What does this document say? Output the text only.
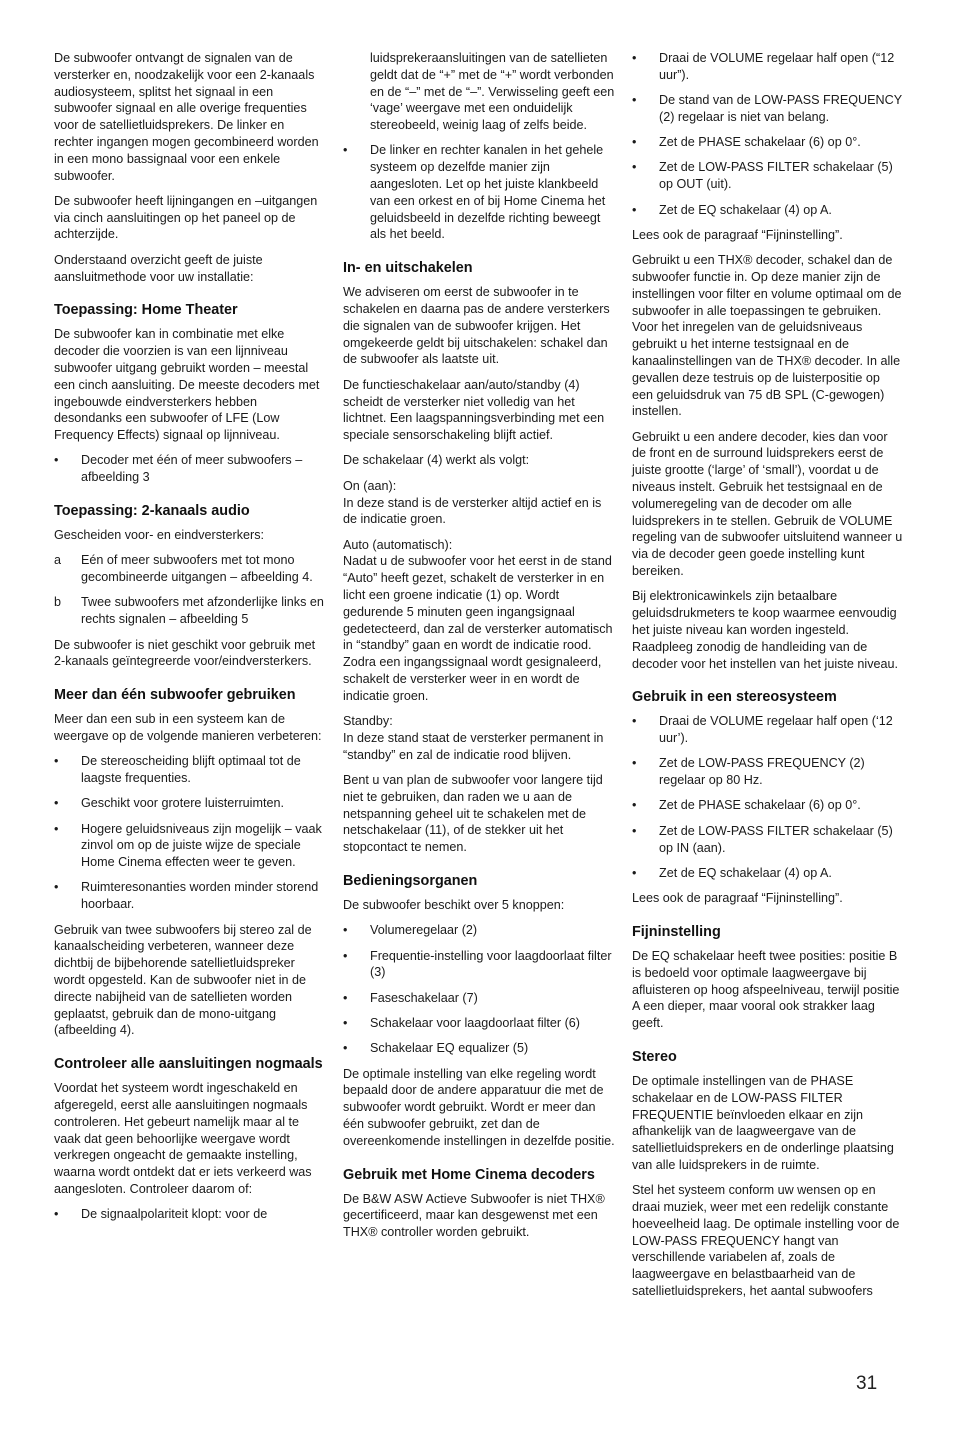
De subwoofer ontvangt de signalen van de versterker en, noodzakelijk voor een 2-kanaals audiosysteem, splitst het signaal in een subwoofer signaal en alle overige frequenties voor de satellietluidsprekers. De linker en rechter ingangen mogen gecombineerd worden in een mono bassignaal voor een enkele subwoofer.

De subwoofer heeft lijningangen en –uitgangen via cinch aansluitingen op het paneel op de achterzijde.

Onderstaand overzicht geeft de juiste aansluitmethode voor uw installatie:

Toepassing: Home Theater

De subwoofer kan in combinatie met elke decoder die voorzien is van een lijnniveau subwoofer uitgang gebruikt worden – meestal een cinch aansluiting. De meeste decoders met ingebouwde eindversterkers hebben desondanks een subwoofer of LFE (Low Frequency Effects) signaal op lijnniveau.

• Decoder met één of meer subwoofers – afbeelding 3
Toepassing: 2-kanaals audio

Gescheiden voor- en eindversterkers:

a Eén of meer subwoofers met tot mono gecombineerde uitgangen – afbeelding 4.
b Twee subwoofers met afzonderlijke links en rechts signalen – afbeelding 5

De subwoofer is niet geschikt voor gebruik met 2-kanaals geïntegreerde voor/eindversterkers.

Meer dan één subwoofer gebruiken

Meer dan een sub in een systeem kan de weergave op de volgende manieren verbeteren:

• De stereoscheiding blijft optimaal tot de laagste frequenties.
• Geschikt voor grotere luisterruimten.
• Hogere geluidsniveaus zijn mogelijk – vaak zinvol om op de juiste wijze de speciale Home Cinema effecten weer te geven.
• Ruimteresonanties worden minder storend hoorbaar.

Gebruik van twee subwoofers bij stereo zal de kanaalscheiding verbeteren, wanneer deze dichtbij de bijbehorende satellietluidspreker wordt opgesteld. Kan de subwoofer niet in de directe nabijheid van de satellieten worden geplaatst, gebruik dan de mono-uitgang (afbeelding 4).

Controleer alle aansluitingen nogmaals

Voordat het systeem wordt ingeschakeld en afgeregeld, eerst alle aansluitingen nogmaals controleren. Het gebeurt namelijk maar al te vaak dat geen behoorlijke weergave wordt verkregen ongeacht de gemaakte instelling, waarna wordt ontdekt dat er iets verkeerd was aangesloten. Controleer daarom of:

• De signaalpolariteit klopt: voor de

luidsprekeraansluitingen van de satellieten geldt dat de “+” met de “+” wordt verbonden en de “–” met de “–”. Verwisseling geeft een ‘vage’ weergave met een onduidelijk stereobeeld, weinig laag of zelfs beide.

• De linker en rechter kanalen in het gehele systeem op dezelfde manier zijn aangesloten. Let op het juiste klankbeeld van een orkest en of bij Home Cinema het geluidsbeeld in dezelfde richting beweegt als het beeld.
In- en uitschakelen

We adviseren om eerst de subwoofer in te schakelen en daarna pas de andere versterkers die signalen van de subwoofer krijgen. Het omgekeerde geldt bij uitschakelen: schakel dan de subwoofer als laatste uit.

De functieschakelaar aan/auto/standby (4) scheidt de versterker niet volledig van het lichtnet. Een laagspanningsverbinding met een speciale sensorschakeling blijft actief.

De schakelaar (4) werkt als volgt:

On (aan):
In deze stand is de versterker altijd actief en is de indicatie groen.

Auto (automatisch):
Nadat u de subwoofer voor het eerst in de stand “Auto” heeft gezet, schakelt de versterker in en licht een groene indicatie (1) op. Wordt gedurende 5 minuten geen ingangsignaal gedetecteerd, dan zal de versterker automatisch in “standby” gaan en wordt de indicatie rood. Zodra een ingangssignaal wordt gesignaleerd, schakelt de versterker weer in en wordt de indicatie groen.

Standby:
In deze stand staat de versterker permanent in “standby” en zal de indicatie rood blijven.

Bent u van plan de subwoofer voor langere tijd niet te gebruiken, dan raden we u aan de netspanning geheel uit te schakelen met de netschakelaar (11), of de stekker uit het stopcontact te nemen.

Bedieningsorganen

De subwoofer beschikt over 5 knoppen:

• Volumeregelaar (2)
• Frequentie-instelling voor laagdoorlaat filter (3)
• Faseschakelaar (7)
• Schakelaar voor laagdoorlaat filter (6)
• Schakelaar EQ equalizer (5)

De optimale instelling van elke regeling wordt bepaald door de andere apparatuur die met de subwoofer wordt gebruikt. Wordt er meer dan één subwoofer gebruikt, zet dan de overeenkomende instellingen in dezelfde positie.

Gebruik met Home Cinema decoders

De B&W ASW Actieve Subwoofer is niet THX® gecertificeerd, maar kan desgewenst met een THX® controller worden gebruikt.

• Draai de VOLUME regelaar half open (“12 uur”).
• De stand van de LOW-PASS FREQUENCY (2) regelaar is niet van belang.
• Zet de PHASE schakelaar (6) op 0°.
• Zet de LOW-PASS FILTER schakelaar (5) op OUT (uit).
• Zet de EQ schakelaar (4) op A.

Lees ook de paragraaf “Fijninstelling”.

Gebruikt u een THX® decoder, schakel dan de subwoofer functie in. Op deze manier zijn de instellingen voor filter en volume optimaal om de subwoofer in alle toepassingen te gebruiken. Voor het inregelen van de geluidsniveaus gebruikt u het interne testsignaal en de kanaalinstellingen van de THX® decoder. In alle gevallen deze testruis op de luisterpositie op een geluidsdruk van 75 dB SPL (C-gewogen) instellen.

Gebruikt u een andere decoder, kies dan voor de front en de surround luidsprekers eerst de juiste grootte (‘large’ of ‘small’), voordat u de niveaus instelt. Gebruik het testsignaal en de volumeregeling van de decoder om alle luidsprekers in te stellen. Gebruik de VOLUME regeling van de subwoofer uitsluitend wanneer u via de decoder geen goede instelling kunt bereiken.

Bij elektronicawinkels zijn betaalbare geluidsdrukmeters te koop waarmee eenvoudig het juiste niveau kan worden ingesteld. Raadpleeg zonodig de handleiding van de decoder voor het instellen van het juiste niveau.

Gebruik in een stereosysteem
• Draai de VOLUME regelaar half open (‘12 uur’).
• Zet de LOW-PASS FREQUENCY (2) regelaar op 80 Hz.
• Zet de PHASE schakelaar (6) op 0°.
• Zet de LOW-PASS FILTER schakelaar (5) op IN (aan).
• Zet de EQ schakelaar (4) op A.

Lees ook de paragraaf “Fijninstelling”.

Fijninstelling

De EQ schakelaar heeft twee posities: positie B is bedoeld voor optimale laagweergave bij afluisteren op hoog afspeelniveau, terwijl positie A een dieper, maar vooral ook strakker laag geeft.

Stereo

De optimale instellingen van de PHASE schakelaar en de LOW-PASS FILTER FREQUENTIE beïnvloeden elkaar en zijn afhankelijk van de laagweergave van de satellietluidsprekers en de onderlinge plaatsing van alle luidsprekers in de ruimte.

Stel het systeem conform uw wensen op en draai muziek, weer met een redelijk constante hoeveelheid laag. De optimale instelling voor de LOW-PASS FREQUENCY hangt van verschillende variabelen af, zoals de laagweergave en belastbaarheid van de satellietluidsprekers, het aantal subwoofers

31
